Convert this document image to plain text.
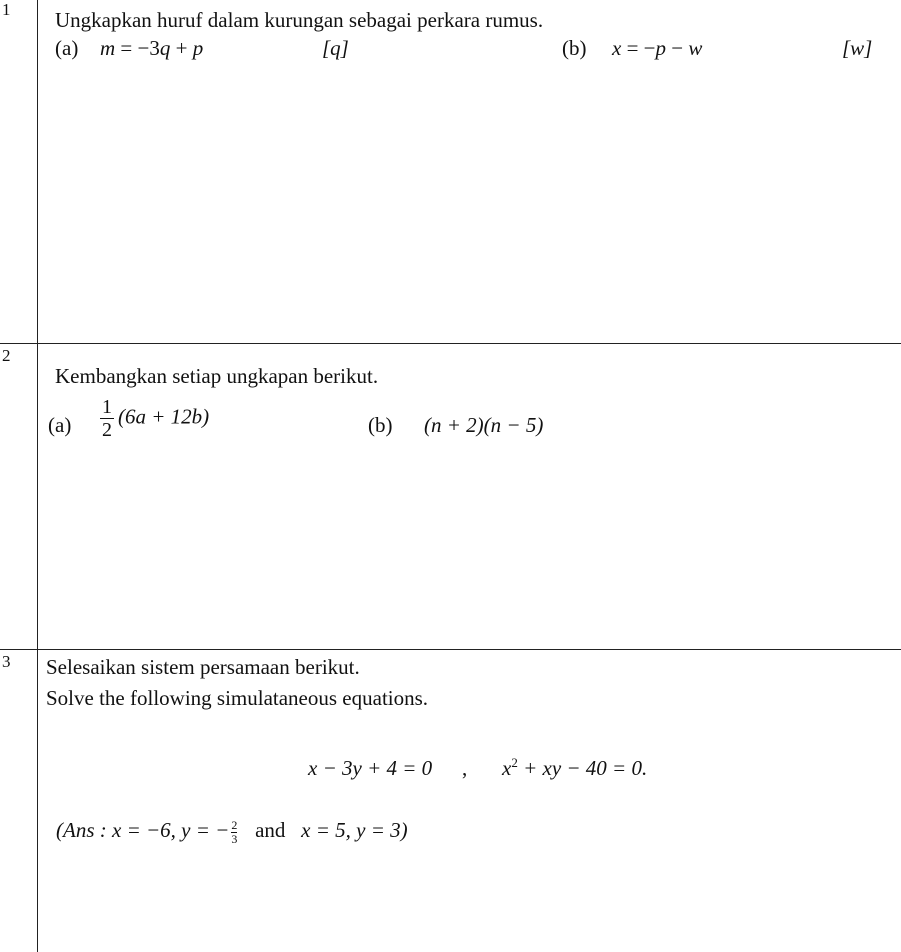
1 Ungkapkan huruf dalam kurungan sebagai perkara rumus.
(a) m = −3q + p	[q]	(b) x = −p − w	[w]
2
Kembangkan setiap ungkapan berikut.
$(a) \frac{1}{2} (6a + 12b)$	(b) (n + 2)(n − 5)
3 Selesaikan sistem persamaan berikut.
Solve the following simulataneous equations.
x − 3y + 4 = 0 , $x^2$ + xy − 40 = 0.
(Ans : x = −6, y = − $\frac{2}{3}$ and x = 5, y = 3)
